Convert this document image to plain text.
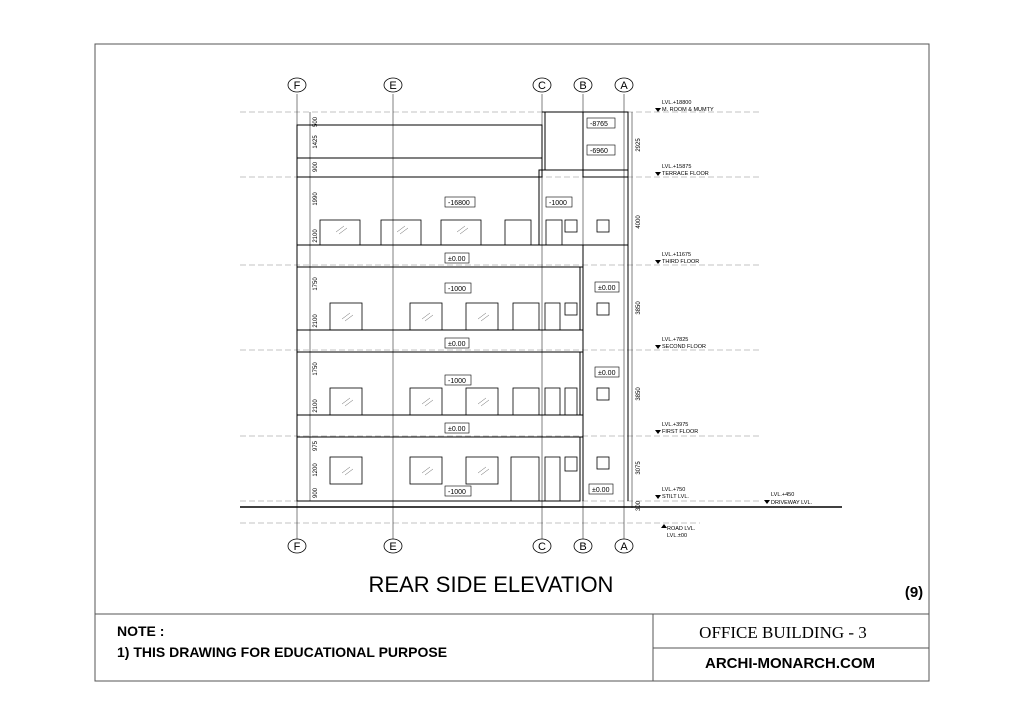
F	E	C	B	A
F	E	C	B	A
-8765
-6960
-16800	-1000
±0.00
-1000	±0.00
±0.00
-1000
±0.00
±0.00
-1000	±0.00
500
1425
900
1990
2100
1750
2100
1750
2100
975
1200
900
2925
4000
3850
3850
3075
300
LVL.+18800
M. ROOM & MUMTY
LVL.+15875
TERRACE FLOOR
LVL.+11675
THIRD FLOOR
LVL.+7825
SECOND FLOOR
LVL.+3975
FIRST FLOOR
LVL.+750
STILT LVL.	LVL.+450
DRIVEWAY LVL.
ROAD LVL.
LVL.±00
REAR SIDE ELEVATION	(9)
NOTE :
1) THIS DRAWING FOR EDUCATIONAL PURPOSE
OFFICE BUILDING - 3
ARCHI-MONARCH.COM
